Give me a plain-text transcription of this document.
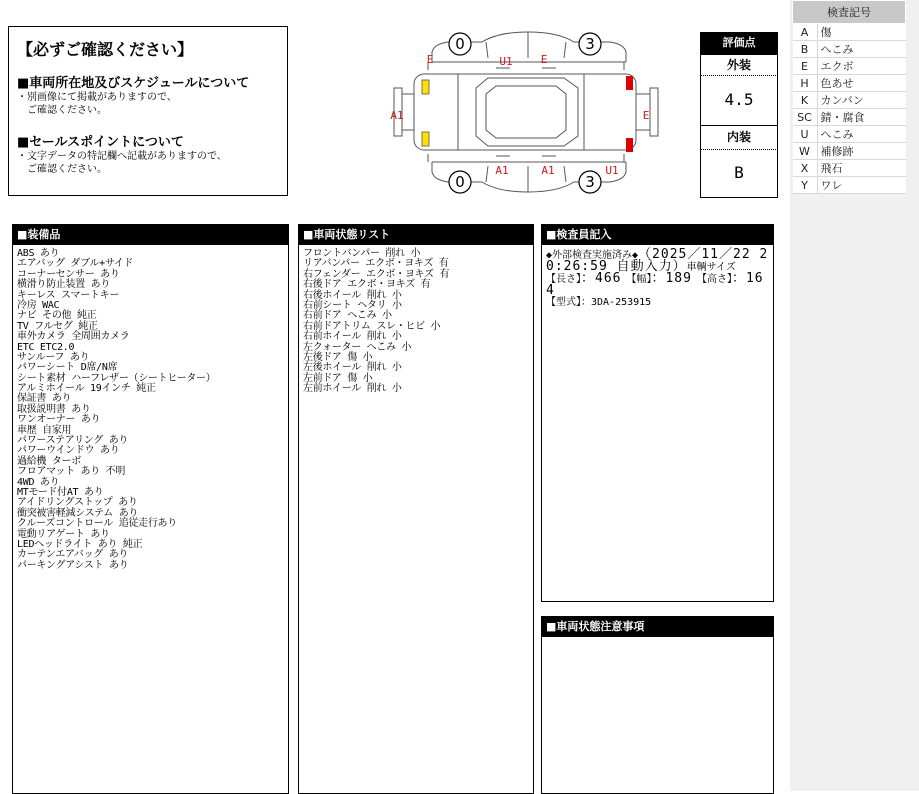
【必ずご確認ください】

■車両所在地及びスケジュールについて

・別画像にて掲載がありますので、
　ご確認ください。

■セールスポイントについて

・文字データの特記欄へ記載がありますので、
　ご確認ください。

0	3
0	3
E	U1	E
A1	E
A1	A1	U1
評価点
外装
4.5
内装
B
検査記号	
A	傷
B	へこみ
E	エクボ
H	色あせ
K	カンバン
SC	錆・腐食
U	へこみ
W	補修跡
X	飛石
Y	ワレ
■装備品
ABS あり
エアバッグ ダブル+サイド
コーナーセンサー あり
横滑り防止装置 あり
キーレス スマートキー
冷房 WAC
ナビ その他 純正
TV フルセグ 純正
車外カメラ 全周囲カメラ
ETC ETC2.0
サンルーフ あり
パワーシート D席/N席
シート素材 ハーフレザー（シートヒーター）
アルミホイール 19インチ 純正
保証書 あり
取扱説明書 あり
ワンオーナー あり
車歴 自家用
パワーステアリング あり
パワーウインドウ あり
過給機 ターボ
フロアマット あり 不明
4WD あり
MTモード付AT あり
アイドリングストップ あり
衝突被害軽減システム あり
クルーズコントロール 追従走行あり
電動リアゲート あり
LEDヘッドライト あり 純正
カーテンエアバッグ あり
パーキングアシスト あり
■車両状態リスト
フロントバンパー 削れ 小
リアバンパー エクボ・ヨキズ 有
右フェンダー エクボ・ヨキズ 有
右後ドア エクボ・ヨキズ 有
右後ホイール 削れ 小
右前シート ヘタリ 小
右前ドア へこみ 小
右前ドアトリム スレ・ヒビ 小
右前ホイール 削れ 小
左クォーター へこみ 小
左後ドア 傷 小
左後ホイール 削れ 小
左前ドア 傷 小
左前ホイール 削れ 小
■検査員記入
◆外部検査実施済み◆（2025／11／22 20:26:59 自動入力）車輌サイズ
【長さ】：466　 【幅】：189　 【高さ】：164
【型式】：3DA-253915
■車両状態注意事項
